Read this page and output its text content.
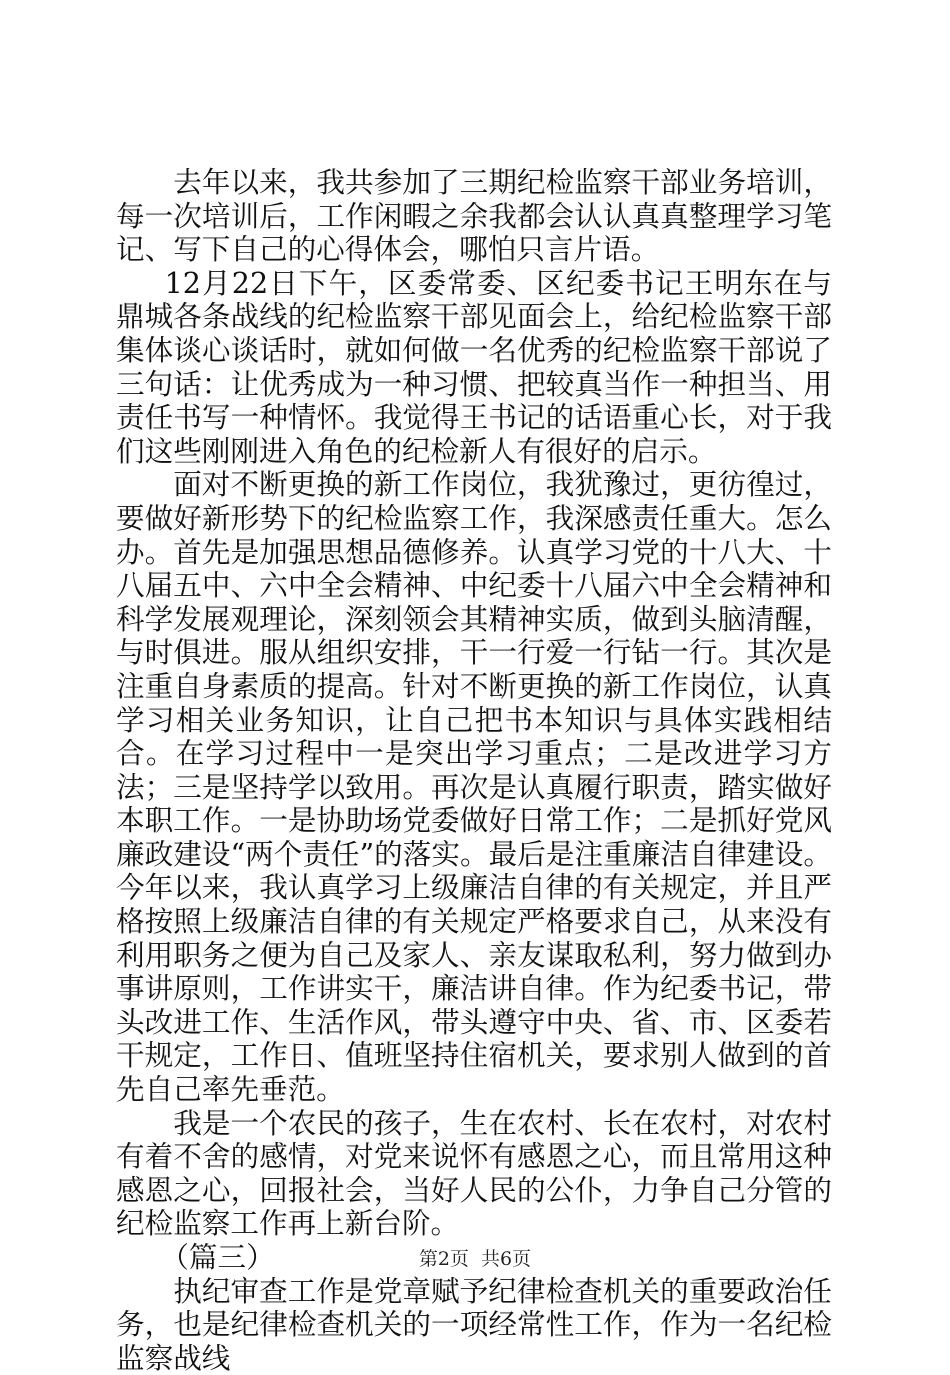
去年以来，我共参加了三期纪检监察干部业务培训，每一次培训后，工作闲暇之余我都会认认真真整理学习笔记、写下自己的心得体会，哪怕只言片语。

12月22日下午，区委常委、区纪委书记王明东在与鼎城各条战线的纪检监察干部见面会上，给纪检监察干部集体谈心谈话时，就如何做一名优秀的纪检监察干部说了三句话：让优秀成为一种习惯、把较真当作一种担当、用责任书写一种情怀。我觉得王书记的话语重心长，对于我们这些刚刚进入角色的纪检新人有很好的启示。

面对不断更换的新工作岗位，我犹豫过，更彷徨过，要做好新形势下的纪检监察工作，我深感责任重大。怎么办。首先是加强思想品德修养。认真学习党的十八大、十八届五中、六中全会精神、中纪委十八届六中全会精神和科学发展观理论，深刻领会其精神实质，做到头脑清醒，与时俱进。服从组织安排，干一行爱一行钻一行。其次是注重自身素质的提高。针对不断更换的新工作岗位，认真学习相关业务知识，让自己把书本知识与具体实践相结合。在学习过程中一是突出学习重点；二是改进学习方法；三是坚持学以致用。再次是认真履行职责，踏实做好本职工作。一是协助场党委做好日常工作；二是抓好党风廉政建设“两个责任”的落实。最后是注重廉洁自律建设。今年以来，我认真学习上级廉洁自律的有关规定，并且严格按照上级廉洁自律的有关规定严格要求自己，从来没有利用职务之便为自己及家人、亲友谋取私利，努力做到办事讲原则，工作讲实干，廉洁讲自律。作为纪委书记，带头改进工作、生活作风，带头遵守中央、省、市、区委若干规定，工作日、值班坚持住宿机关，要求别人做到的首先自己率先垂范。

我是一个农民的孩子，生在农村、长在农村，对农村有着不舍的感情，对党来说怀有感恩之心，而且常用这种感恩之心，回报社会，当好人民的公仆，力争自己分管的纪检监察工作再上新台阶。

（篇三）

执纪审查工作是党章赋予纪律检查机关的重要政治任务，也是纪律检查机关的一项经常性工作，作为一名纪检监察战线

第2页 共6页
